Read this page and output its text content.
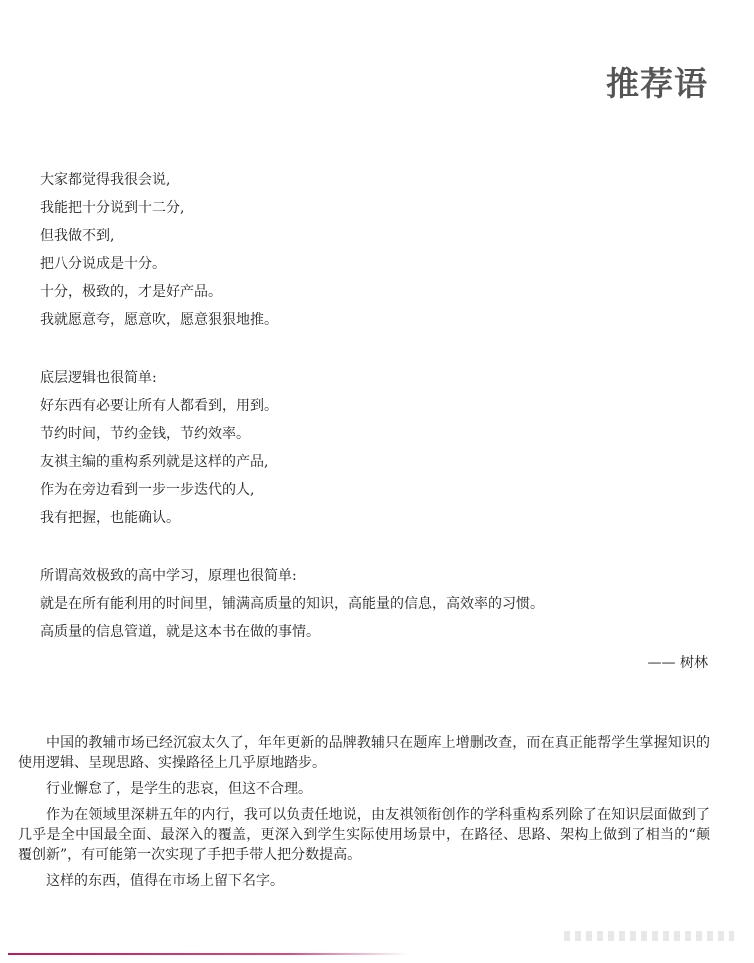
推荐语
大家都觉得我很会说,
我能把十分说到十二分,
但我做不到,
把八分说成是十分。
十分，极致的，才是好产品。
我就愿意夸，愿意吹，愿意狠狠地推。
底层逻辑也很简单:
好东西有必要让所有人都看到，用到。
节约时间，节约金钱，节约效率。
友祺主编的重构系列就是这样的产品,
作为在旁边看到一步一步迭代的人,
我有把握，也能确认。
所谓高效极致的高中学习，原理也很简单:
就是在所有能利用的时间里，铺满高质量的知识，高能量的信息，高效率的习惯。
高质量的信息管道，就是这本书在做的事情。
—— 树林

中国的教辅市场已经沉寂太久了，年年更新的品牌教辅只在题库上增删改查，而在真正能帮学生掌握知识的使用逻辑、呈现思路、实操路径上几乎原地踏步。

行业懈怠了，是学生的悲哀，但这不合理。

作为在领域里深耕五年的内行，我可以负责任地说，由友祺领衔创作的学科重构系列除了在知识层面做到了几乎是全中国最全面、最深入的覆盖，更深入到学生实际使用场景中，在路径、思路、架构上做到了相当的“颠覆创新”，有可能第一次实现了手把手带人把分数提高。

这样的东西，值得在市场上留下名字。
